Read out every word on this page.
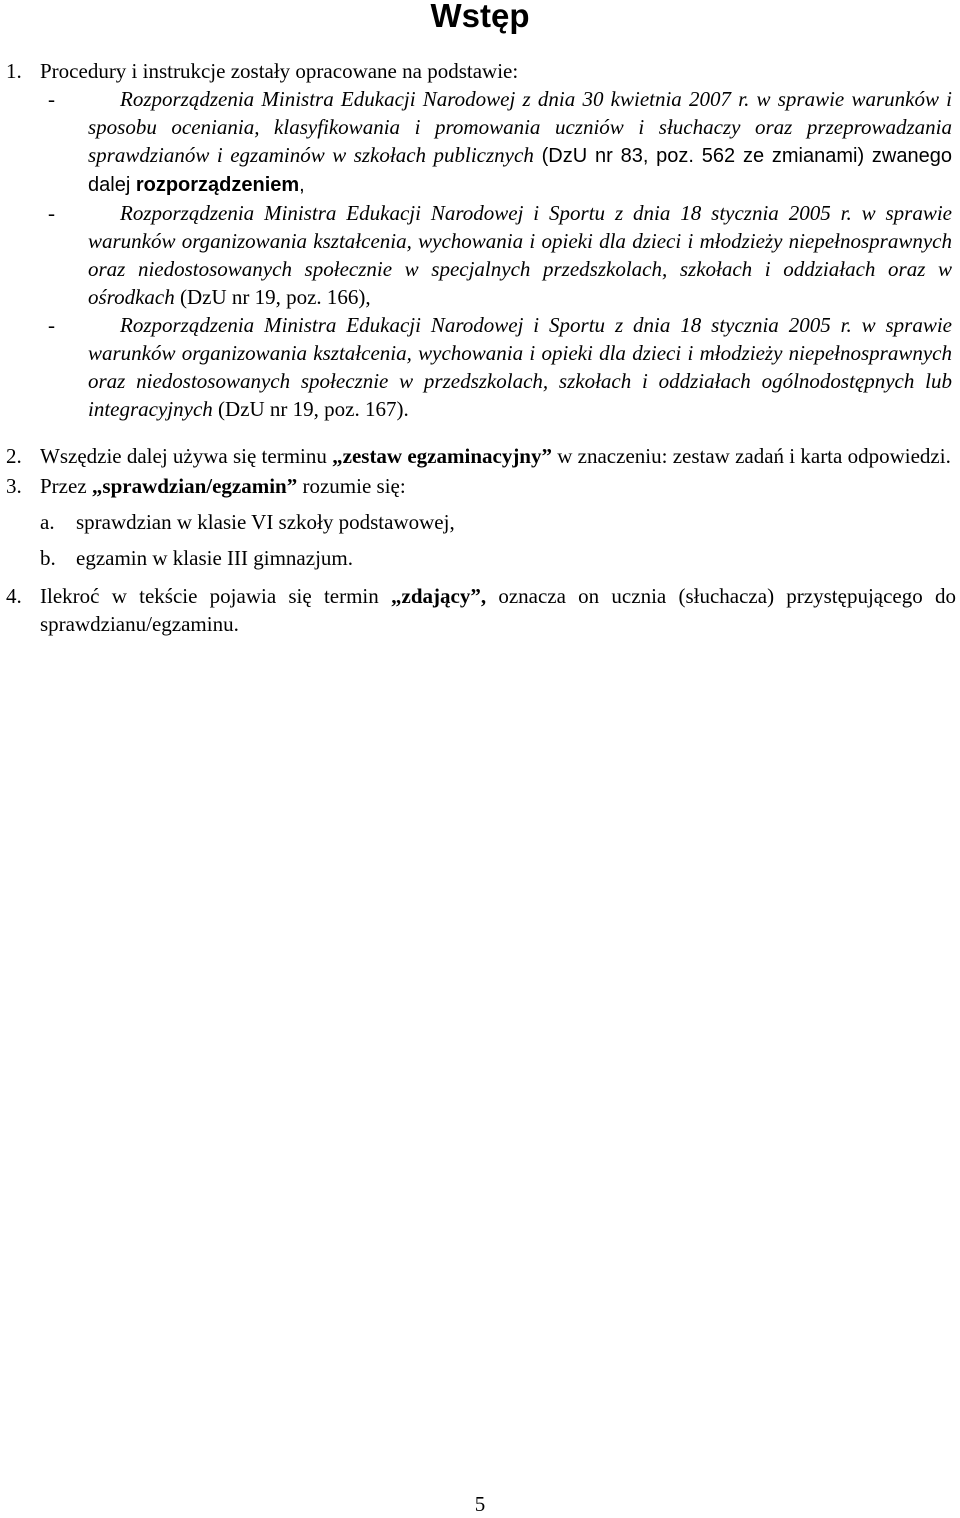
Wstęp
1. Procedury i instrukcje zostały opracowane na podstawie:
-	Rozporządzenia Ministra Edukacji Narodowej z dnia 30 kwietnia 2007 r. w sprawie warunków i sposobu oceniania, klasyfikowania i promowania uczniów i słuchaczy oraz przeprowadzania sprawdzianów i egzaminów w szkołach publicznych (DzU nr 83, poz. 562 ze zmianami) zwanego dalej rozporządzeniem,
-	Rozporządzenia Ministra Edukacji Narodowej i Sportu z dnia 18 stycznia 2005 r. w sprawie warunków organizowania kształcenia, wychowania i opieki dla dzieci i młodzieży niepełnosprawnych oraz niedostosowanych społecznie w specjalnych przedszkolach, szkołach i oddziałach oraz w ośrodkach (DzU nr 19, poz. 166),
-	Rozporządzenia Ministra Edukacji Narodowej i Sportu z dnia 18 stycznia 2005 r. w sprawie warunków organizowania kształcenia, wychowania i opieki dla dzieci i młodzieży niepełnosprawnych oraz niedostosowanych społecznie w przedszkolach, szkołach i oddziałach ogólnodostępnych lub integracyjnych (DzU nr 19, poz. 167).
2. Wszędzie dalej używa się terminu „zestaw egzaminacyjny” w znaczeniu: zestaw zadań i karta odpowiedzi.
3. Przez „sprawdzian/egzamin” rozumie się:
a. sprawdzian w klasie VI szkoły podstawowej,
b. egzamin w klasie III gimnazjum.
4. Ilekroć w tekście pojawia się termin „zdający”, oznacza on ucznia (słuchacza) przystępującego do sprawdzianu/egzaminu.
5
